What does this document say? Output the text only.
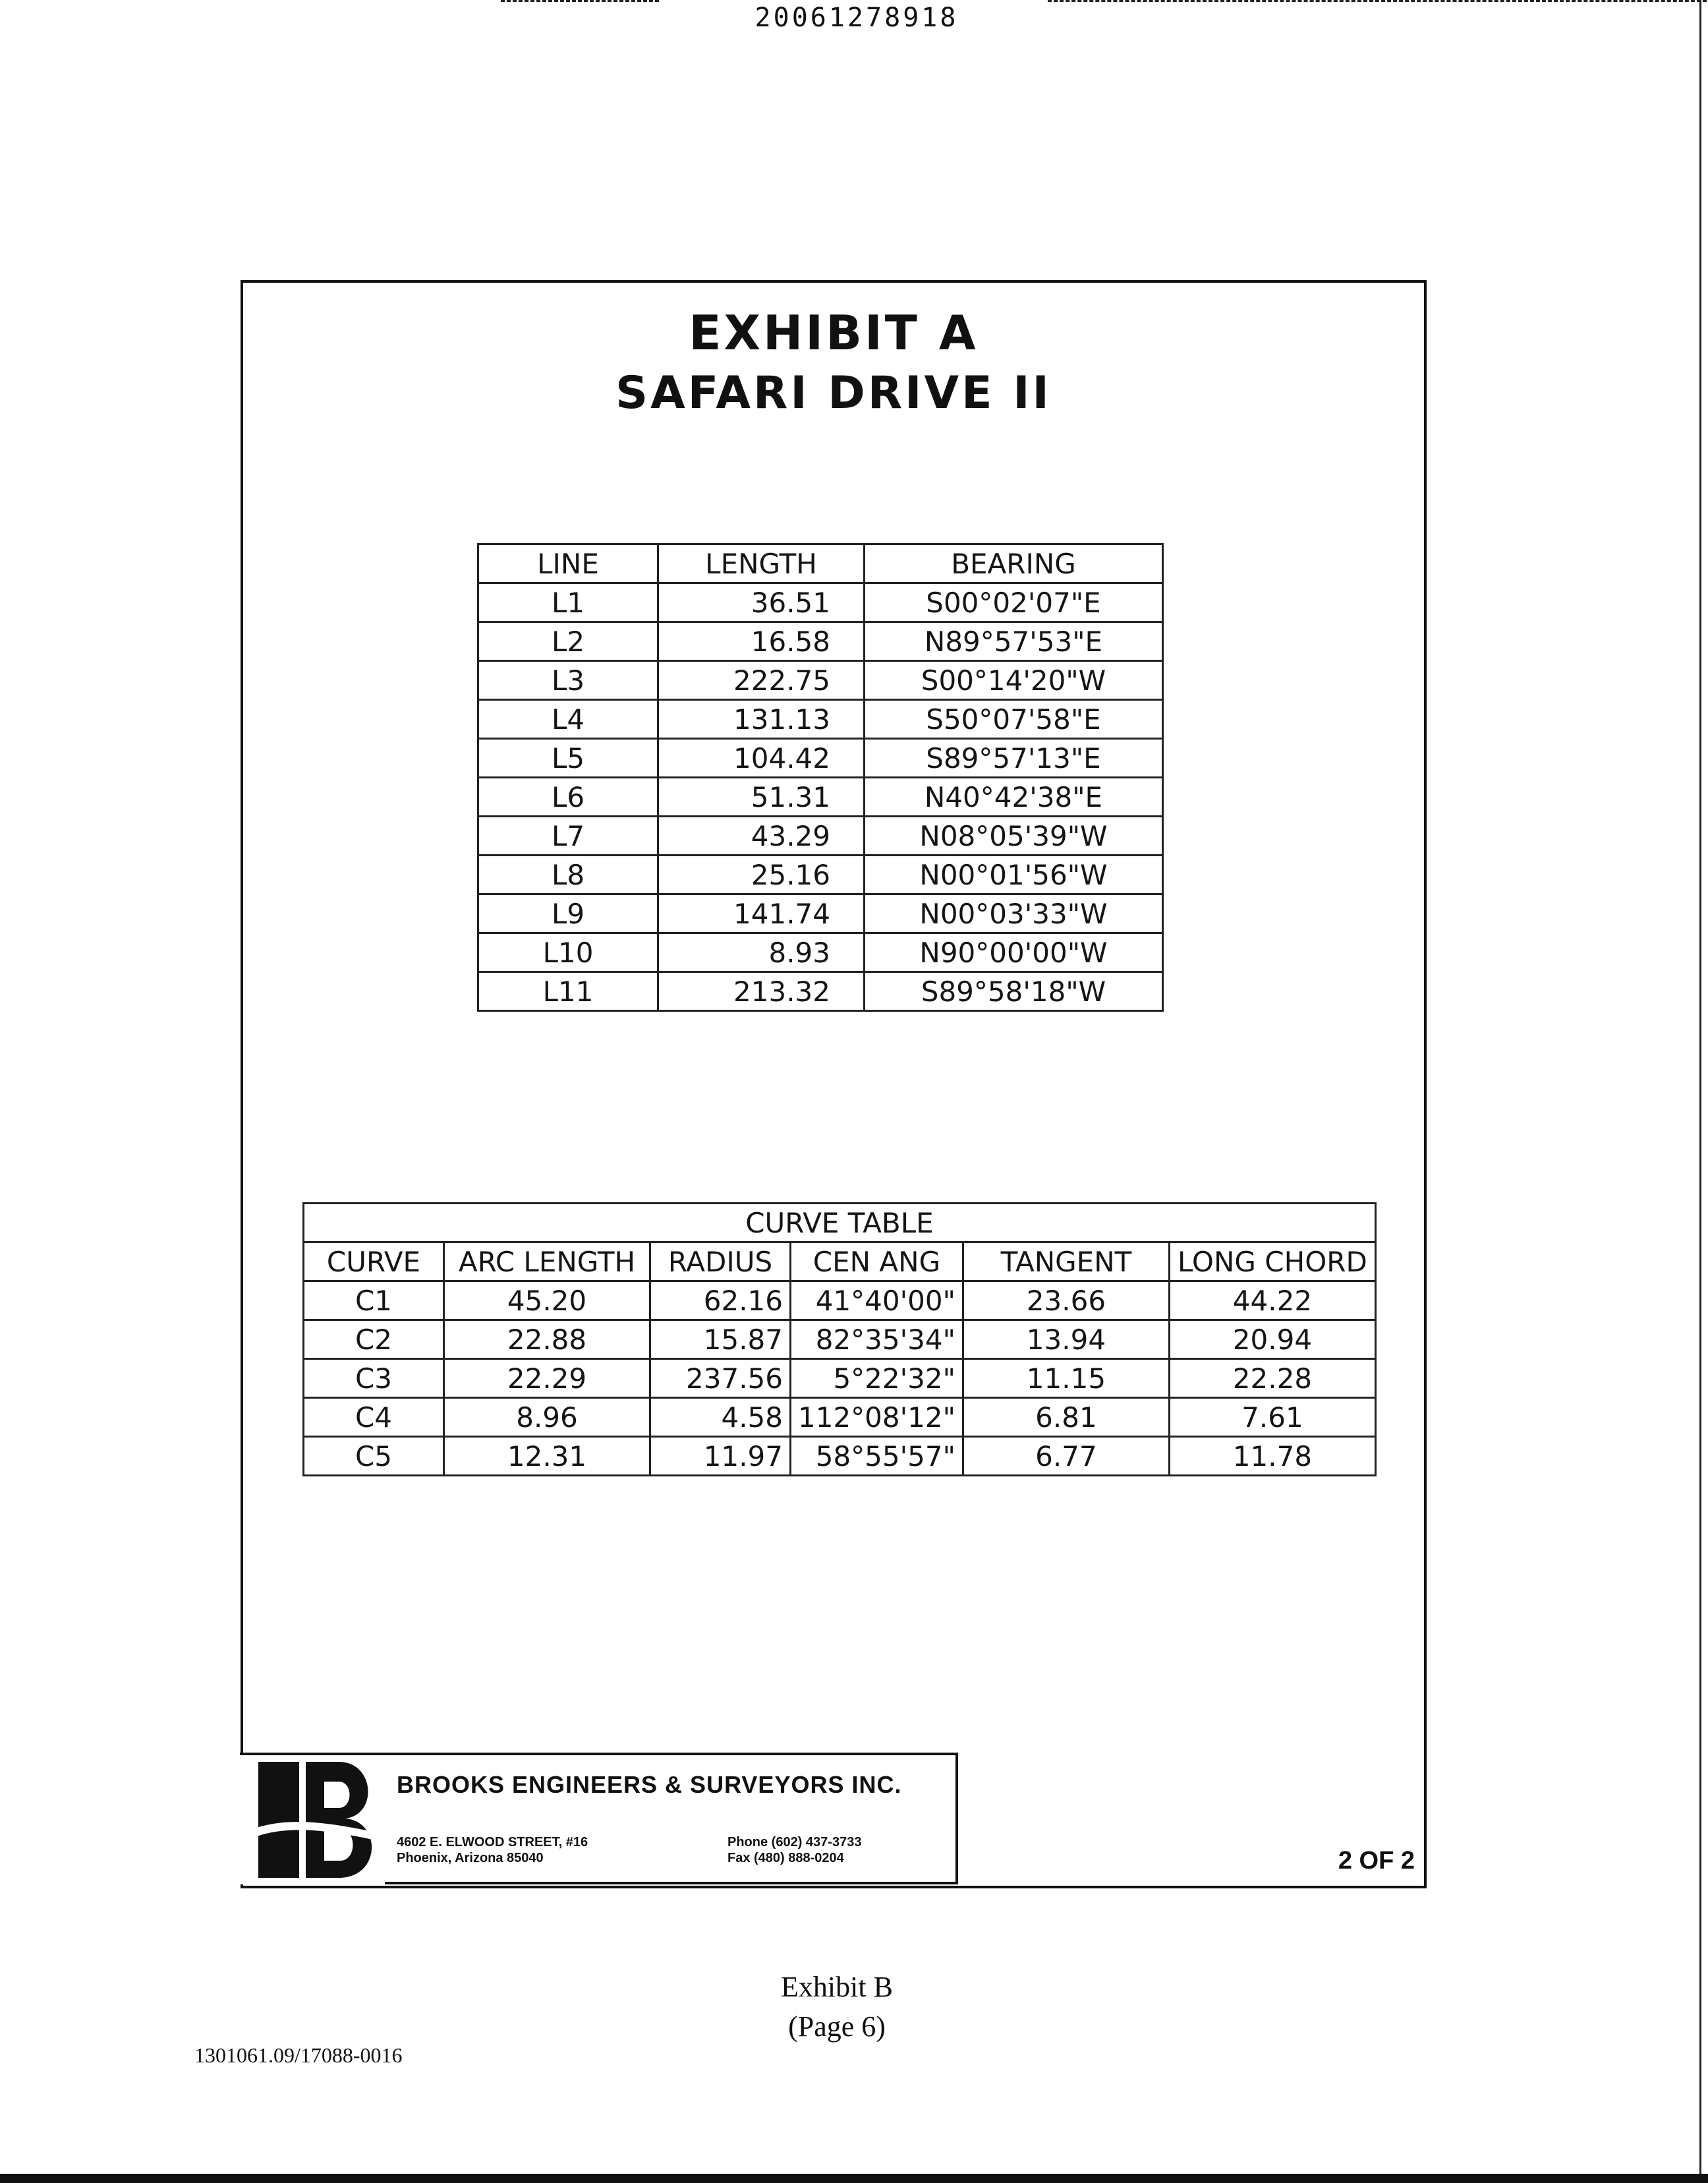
20061278918
EXHIBIT A
SAFARI DRIVE II
LINE	LENGTH	BEARING
L1	36.51	S00°02'07"E
L2	16.58	N89°57'53"E
L3	222.75	S00°14'20"W
L4	131.13	S50°07'58"E
L5	104.42	S89°57'13"E
L6	51.31	N40°42'38"E
L7	43.29	N08°05'39"W
L8	25.16	N00°01'56"W
L9	141.74	N00°03'33"W
L10	8.93	N90°00'00"W
L11	213.32	S89°58'18"W
CURVE TABLE					
CURVE	ARC LENGTH	RADIUS	CEN ANG	TANGENT	LONG CHORD
C1	45.20	62.16	41°40'00"	23.66	44.22
C2	22.88	15.87	82°35'34"	13.94	20.94
C3	22.29	237.56	5°22'32"	11.15	22.28
C4	8.96	4.58	112°08'12"	6.81	7.61
C5	12.31	11.97	58°55'57"	6.77	11.78
BROOKS ENGINEERS & SURVEYORS INC.
4602 E. ELWOOD STREET, #16
Phoenix, Arizona 85040
Phone (602) 437-3733
Fax (480) 888-0204	2 OF 2
Exhibit B
(Page 6)
1301061.09/17088-0016
